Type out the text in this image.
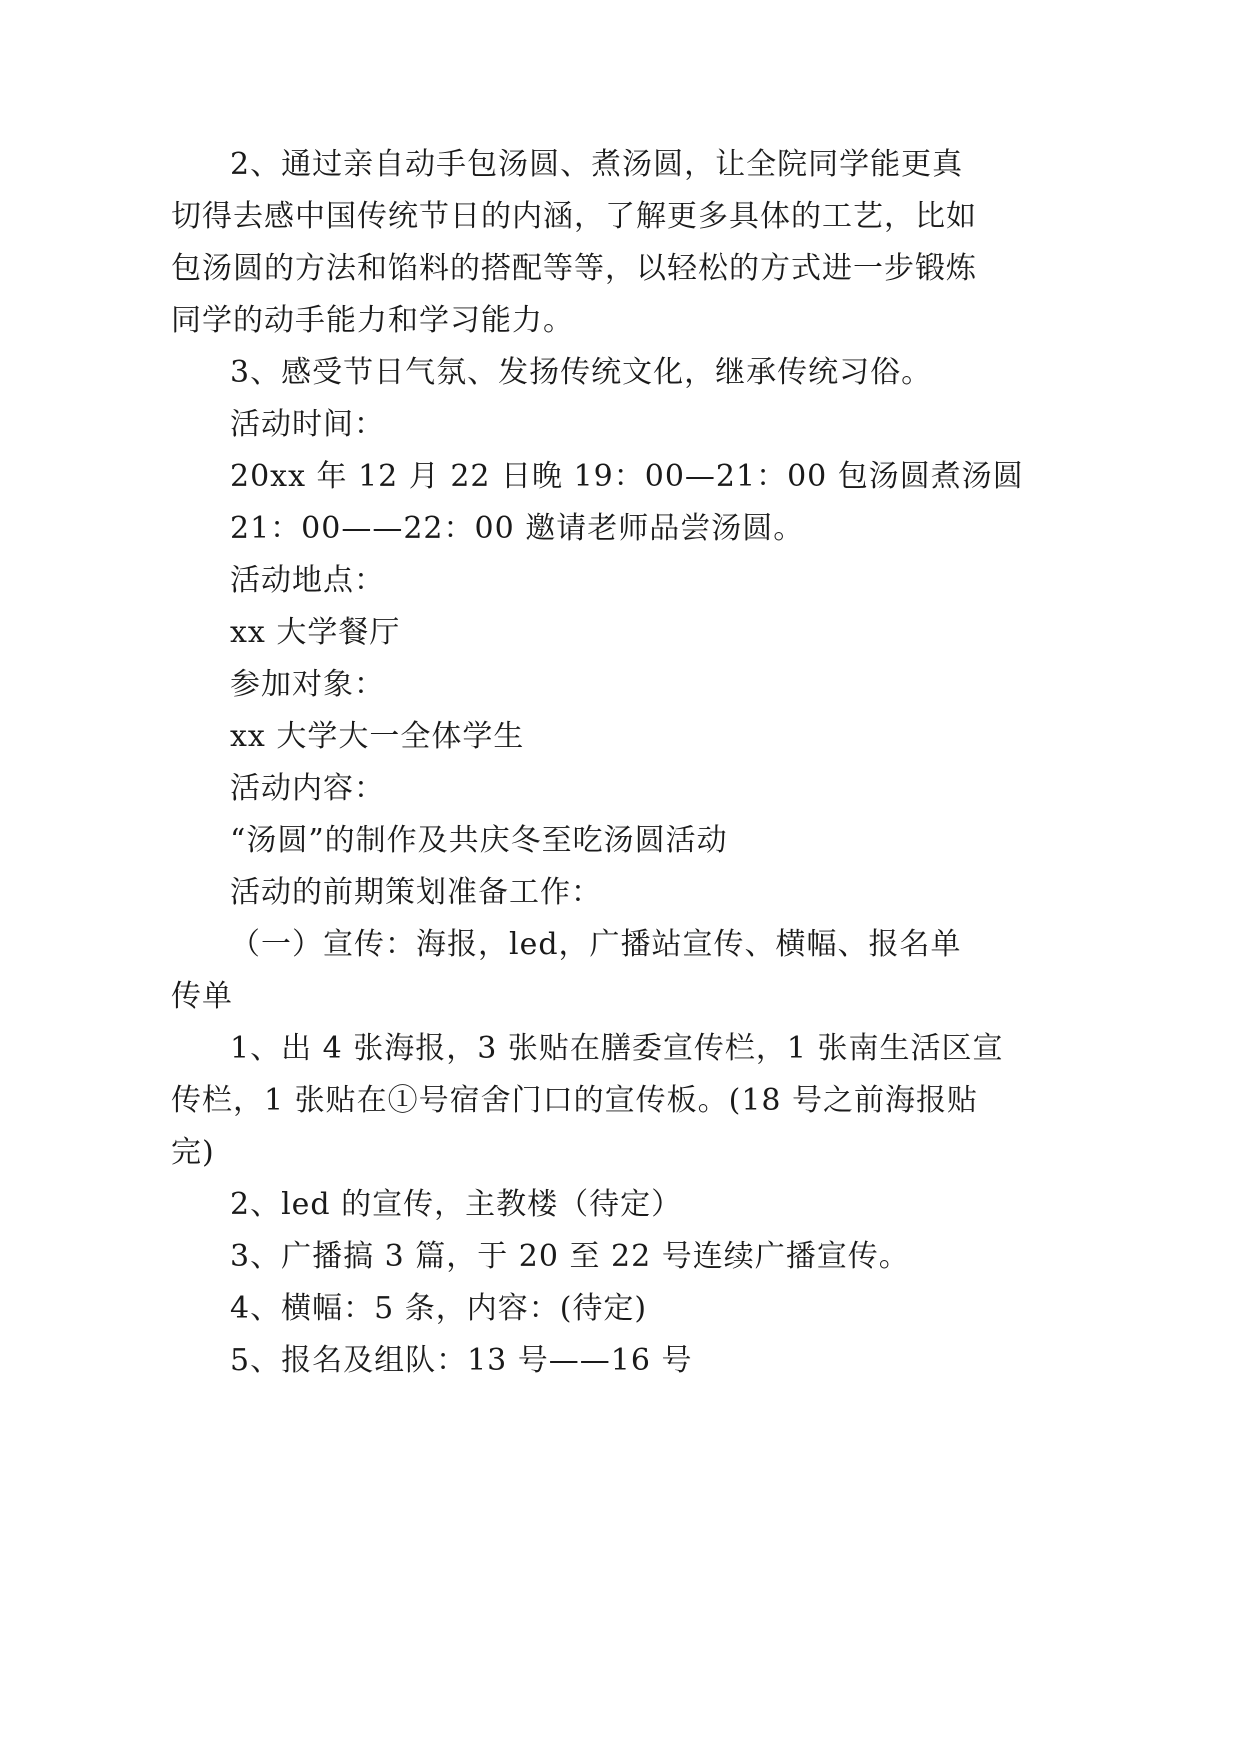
2、通过亲自动手包汤圆、煮汤圆，让全院同学能更真
切得去感中国传统节日的内涵，了解更多具体的工艺，比如
包汤圆的方法和馅料的搭配等等，以轻松的方式进一步锻炼
同学的动手能力和学习能力。
3、感受节日气氛、发扬传统文化，继承传统习俗。
活动时间：
20xx 年 12 月 22 日晚 19：00—21：00 包汤圆煮汤圆
21：00——22：00 邀请老师品尝汤圆。
活动地点：
xx 大学餐厅
参加对象：
xx 大学大一全体学生
活动内容：
“汤圆”的制作及共庆冬至吃汤圆活动
活动的前期策划准备工作：
（一）宣传：海报，led，广播站宣传、横幅、报名单
传单
1、出 4 张海报，3 张贴在膳委宣传栏，1 张南生活区宣
传栏，1 张贴在①号宿舍门口的宣传板。(18 号之前海报贴
完)
2、led 的宣传，主教楼（待定）
3、广播搞 3 篇，于 20 至 22 号连续广播宣传。
4、横幅：5 条，内容：(待定)
5、报名及组队：13 号——16 号
